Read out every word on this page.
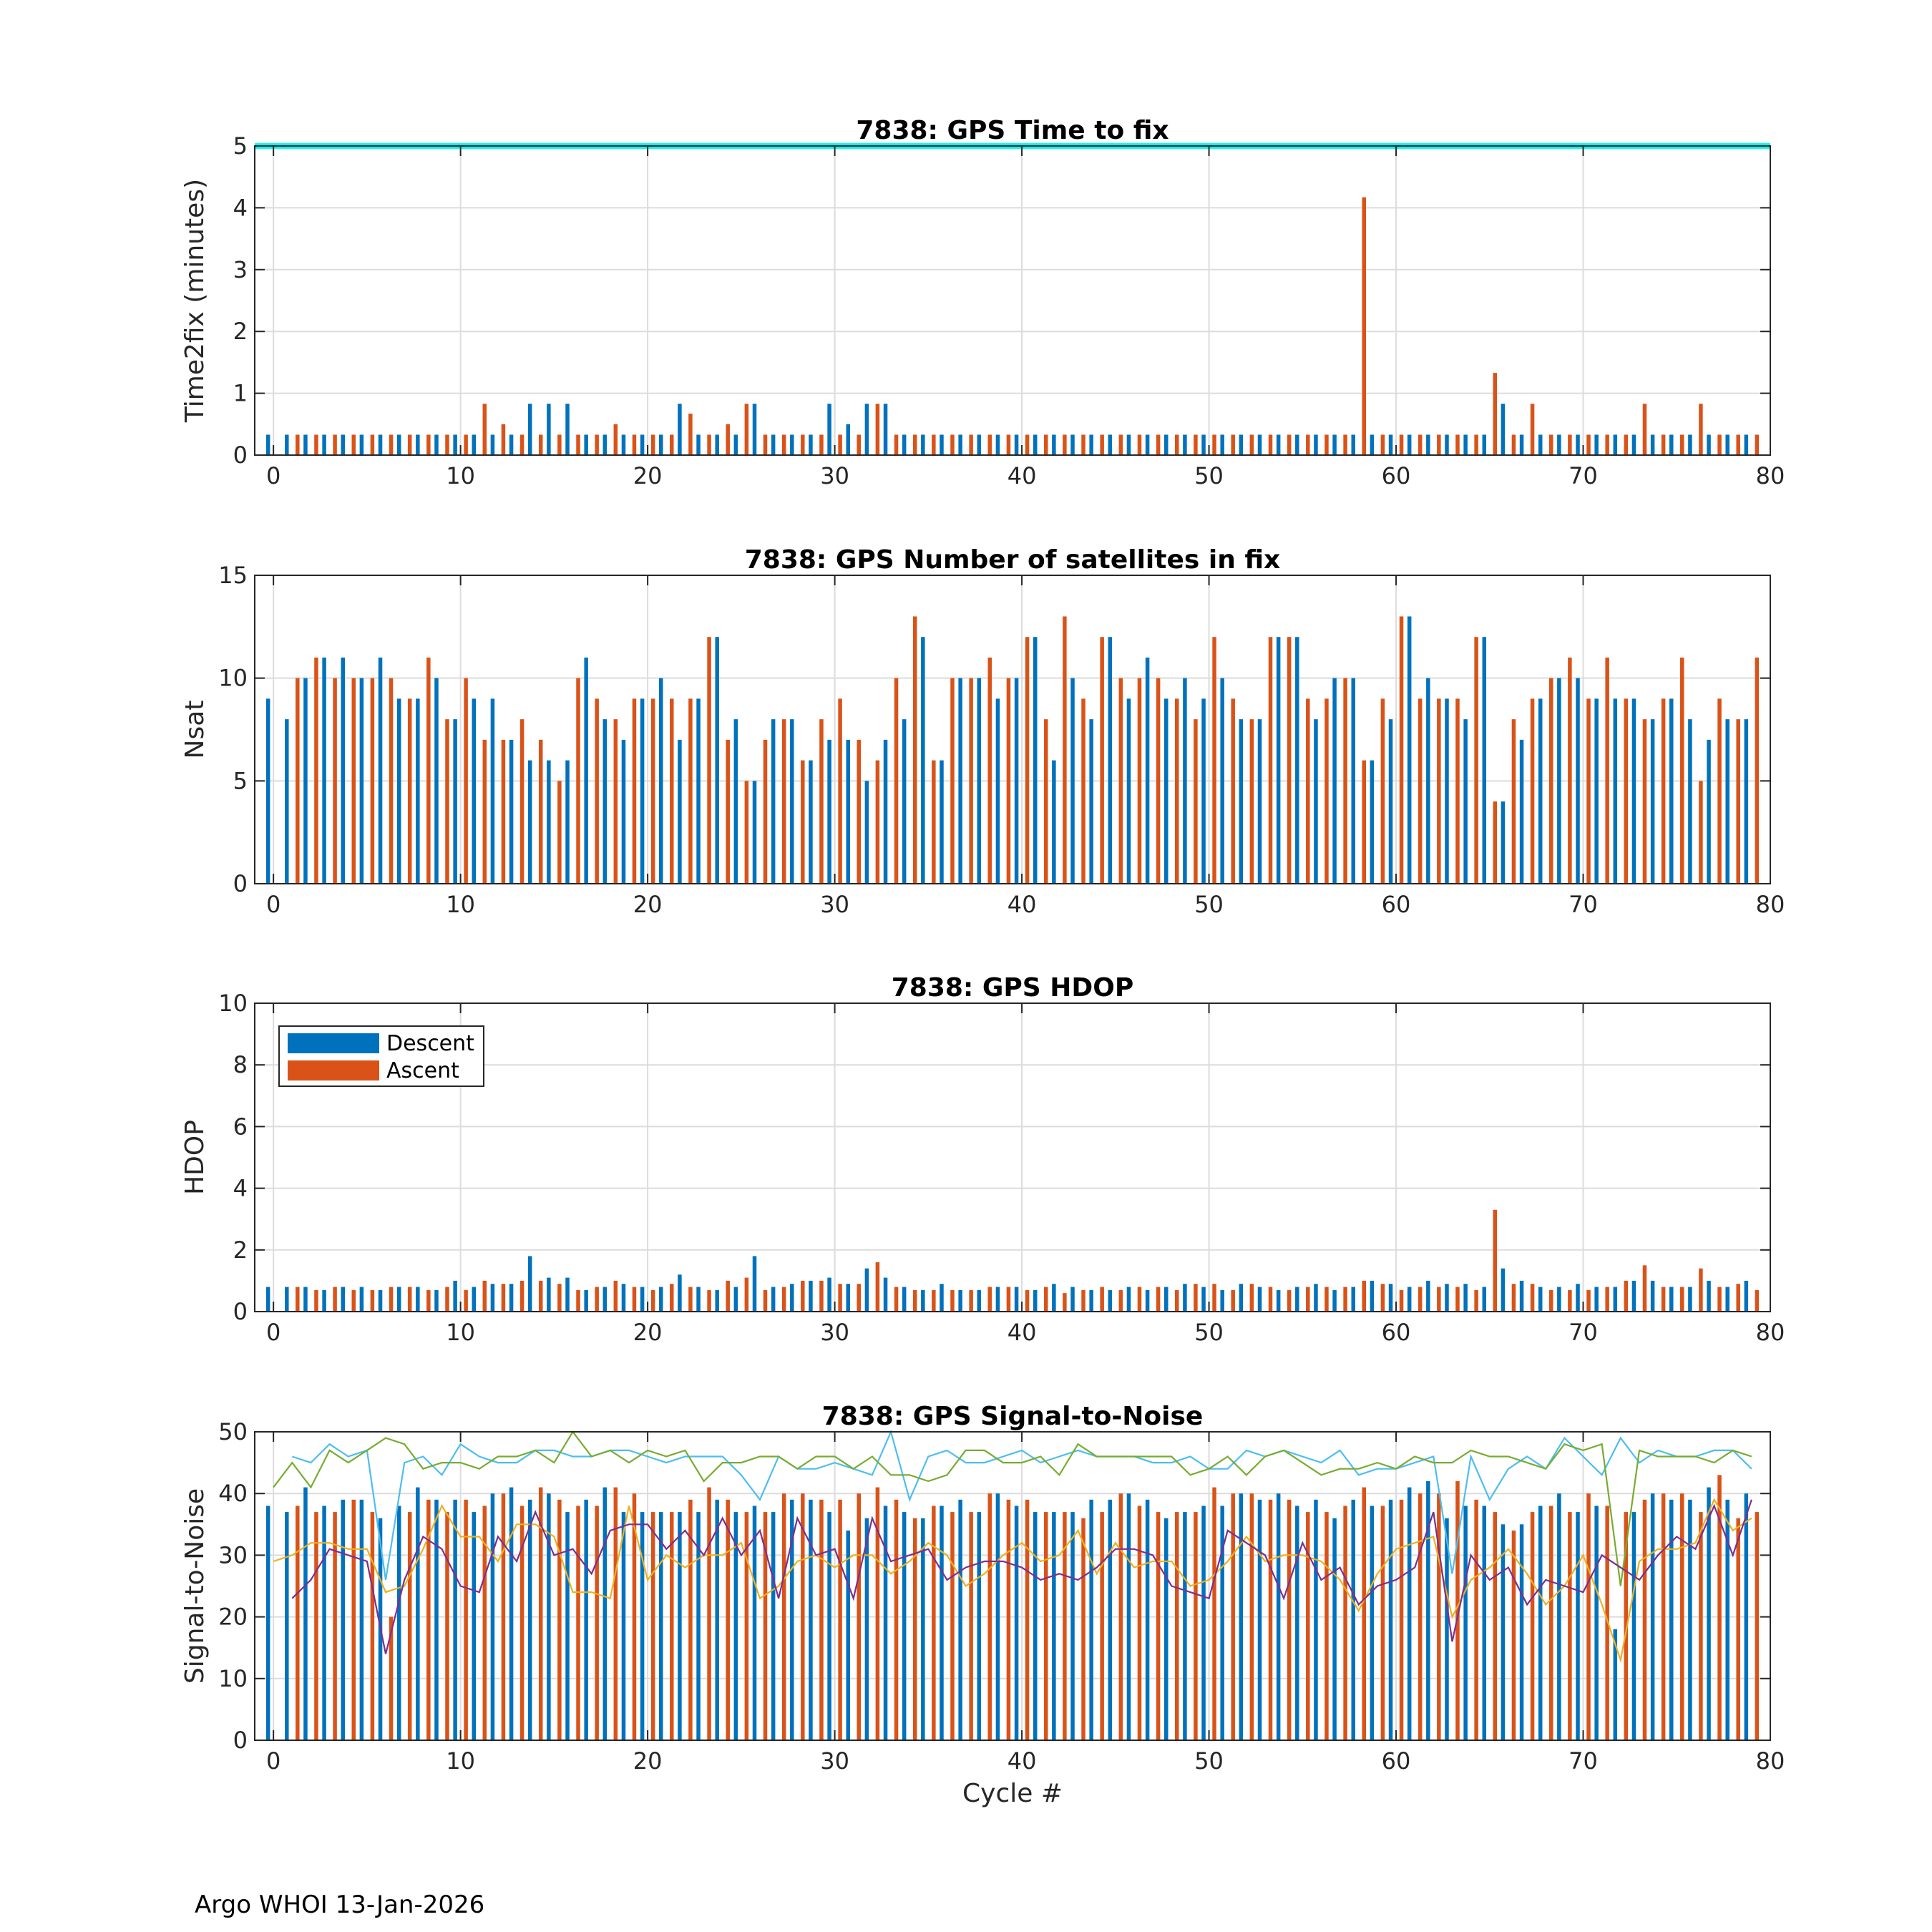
0	10	20	30	40	50	60	70	80
0
1
2
3
4
5
7838: GPS Time to fix
Time2fix (minutes)
0	10	20	30	40	50	60	70	80
0
5
10
15
7838: GPS Number of satellites in fix
Nsat
0	10	20	30	40	50	60	70	80
0
2
4
6
8
10
7838: GPS HDOP
HDOP
Descent
Ascent
0	10	20	30	40	50	60	70	80
0
10
20
30
40
50
7838: GPS Signal-to-Noise
Signal-to-Noise
Cycle #
Argo WHOI 13-Jan-2026
